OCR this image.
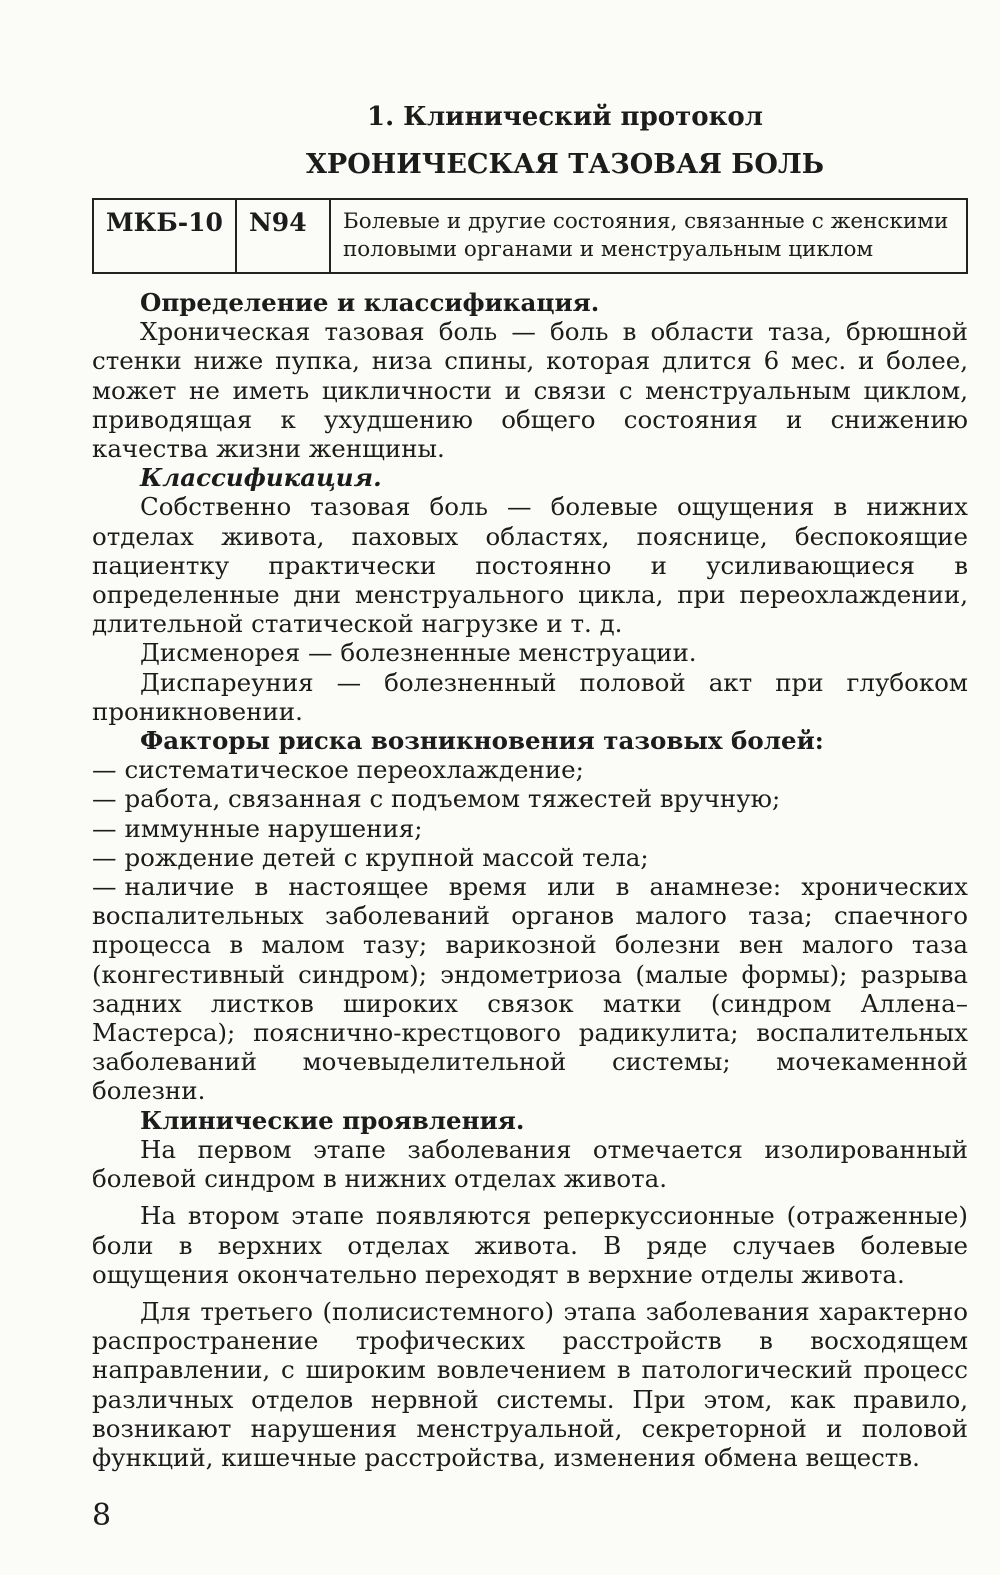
1. Клинический протокол
ХРОНИЧЕСКАЯ ТАЗОВАЯ БОЛЬ
МКБ-10	N94	Болевые и другие состояния, связанные с женскими половыми органами и менструальным циклом
Определение и классификация.

Хроническая тазовая боль — боль в области таза, брюшной стенки ниже пупка, низа спины, которая длится 6 мес. и более, может не иметь цикличности и связи с менструальным циклом, приводящая к ухудшению общего состояния и снижению качества жизни женщины.

Классификация.

Собственно тазовая боль — болевые ощущения в нижних отделах живота, паховых областях, пояснице, беспокоящие пациентку практически постоянно и усиливающиеся в определенные дни менструального цикла, при переохлаждении, длительной статической нагрузке и т. д.

Дисменорея — болезненные менструации.

Диспареуния — болезненный половой акт при глубоком проникновении.

Факторы риска возникновения тазовых болей:
— систематическое переохлаждение;
— работа, связанная с подъемом тяжестей вручную;
— иммунные нарушения;
— рождение детей с крупной массой тела;
— наличие в настоящее время или в анамнезе: хронических воспалительных заболеваний органов малого таза; спаечного процесса в малом тазу; варикозной болезни вен малого таза (конгестивный синдром); эндометриоза (малые формы); разрыва задних листков широких связок матки (синдром Аллена–Мастерса); пояснично-крестцового радикулита; воспалительных заболеваний мочевыделительной системы; мочекаменной болезни.
Клинические проявления.

На первом этапе заболевания отмечается изолированный болевой синдром в нижних отделах живота.

На втором этапе появляются реперкуссионные (отраженные) боли в верхних отделах живота. В ряде случаев болевые ощущения окончательно переходят в верхние отделы живота.

Для третьего (полисистемного) этапа заболевания характерно распространение трофических расстройств в восходящем направлении, с широким вовлечением в патологический процесс различных отделов нервной системы. При этом, как правило, возникают нарушения менструальной, секреторной и половой функций, кишечные расстройства, изменения обмена веществ.

8
